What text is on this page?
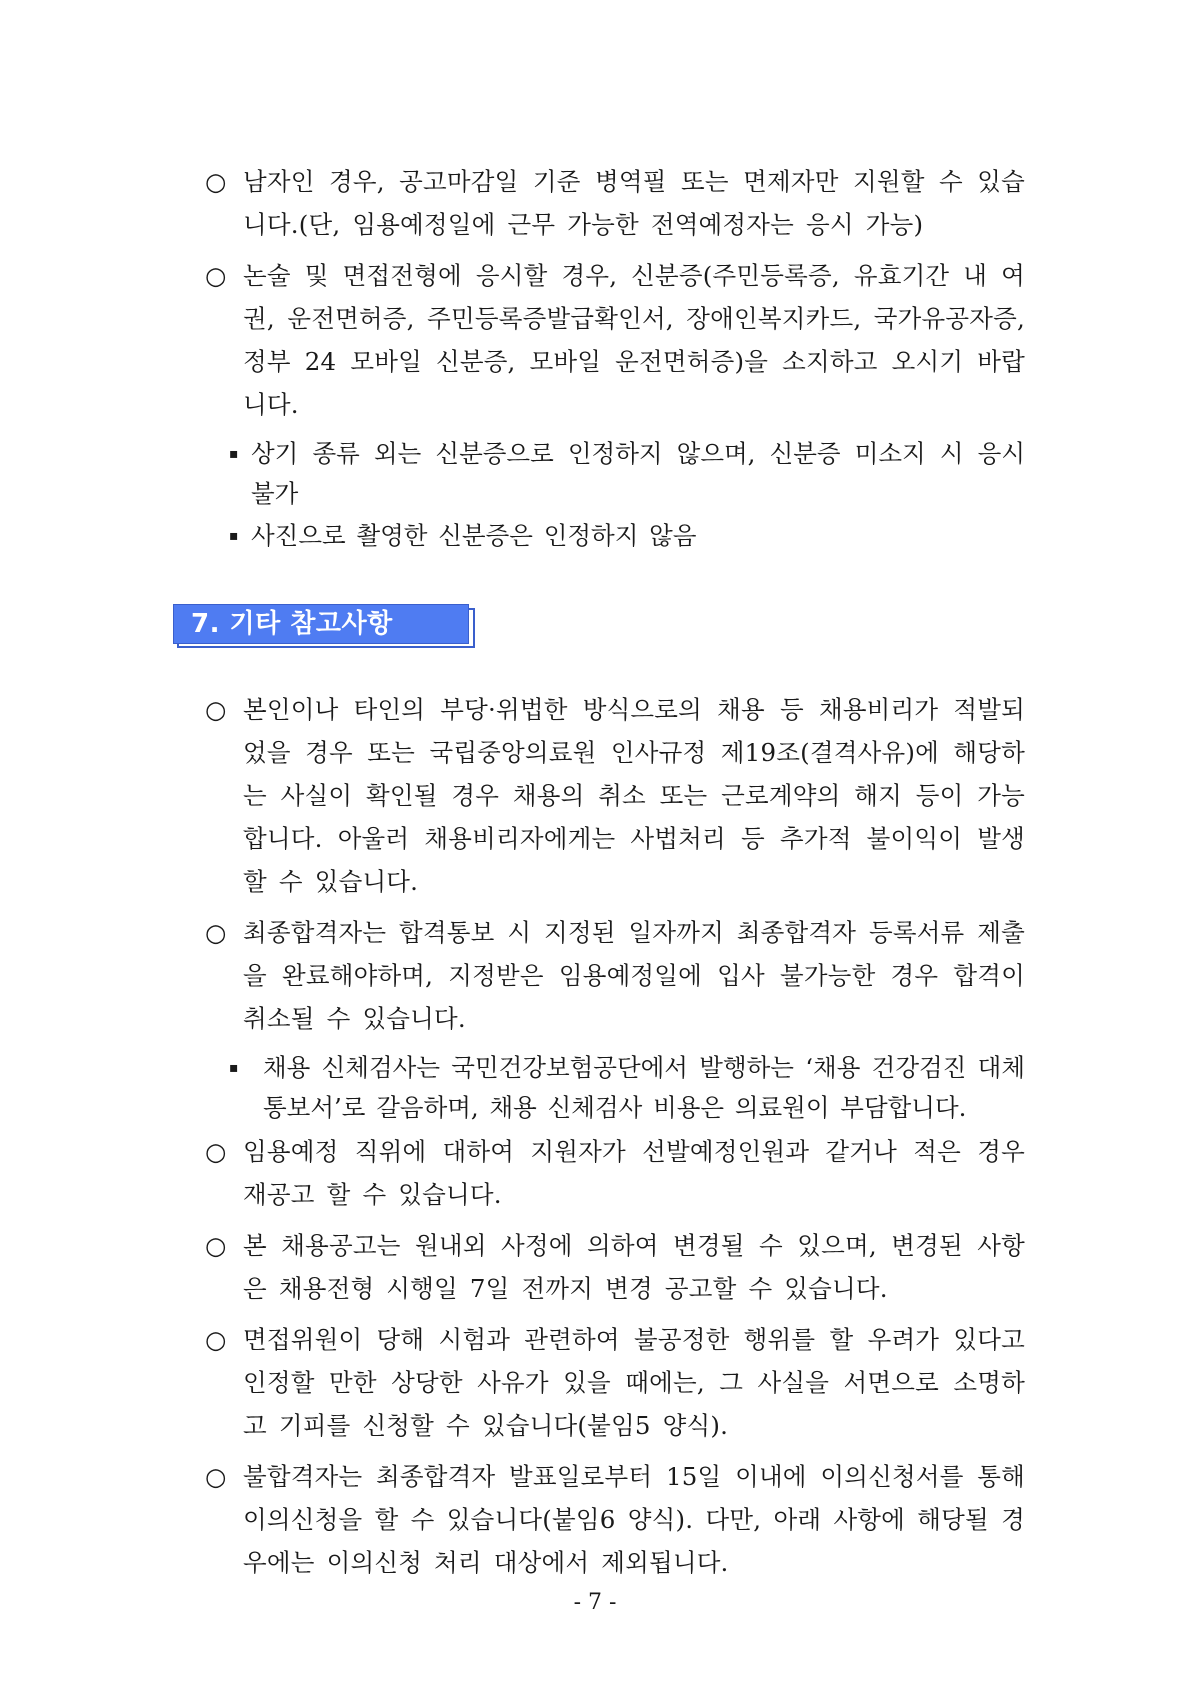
○ 남자인 경우, 공고마감일 기준 병역필 또는 면제자만 지원할 수 있습니다.(단, 임용예정일에 근무 가능한 전역예정자는 응시 가능)
○ 논술 및 면접전형에 응시할 경우, 신분증(주민등록증, 유효기간 내 여권, 운전면허증, 주민등록증발급확인서, 장애인복지카드, 국가유공자증, 정부 24 모바일 신분증, 모바일 운전면허증)을 소지하고 오시기 바랍니다.
▪ 상기 종류 외는 신분증으로 인정하지 않으며, 신분증 미소지 시 응시 불가
▪ 사진으로 촬영한 신분증은 인정하지 않음
7. 기타 참고사항
○ 본인이나 타인의 부당·위법한 방식으로의 채용 등 채용비리가 적발되었을 경우 또는 국립중앙의료원 인사규정 제19조(결격사유)에 해당하는 사실이 확인될 경우 채용의 취소 또는 근로계약의 해지 등이 가능합니다. 아울러 채용비리자에게는 사법처리 등 추가적 불이익이 발생할 수 있습니다.
○ 최종합격자는 합격통보 시 지정된 일자까지 최종합격자 등록서류 제출을 완료해야하며, 지정받은 임용예정일에 입사 불가능한 경우 합격이 취소될 수 있습니다.
▪ 채용 신체검사는 국민건강보험공단에서 발행하는 ‘채용 건강검진 대체 통보서’로 갈음하며, 채용 신체검사 비용은 의료원이 부담합니다.
○ 임용예정 직위에 대하여 지원자가 선발예정인원과 같거나 적은 경우 재공고 할 수 있습니다.
○ 본 채용공고는 원내외 사정에 의하여 변경될 수 있으며, 변경된 사항은 채용전형 시행일 7일 전까지 변경 공고할 수 있습니다.
○ 면접위원이 당해 시험과 관련하여 불공정한 행위를 할 우려가 있다고 인정할 만한 상당한 사유가 있을 때에는, 그 사실을 서면으로 소명하고 기피를 신청할 수 있습니다(붙임5 양식).
○ 불합격자는 최종합격자 발표일로부터 15일 이내에 이의신청서를 통해 이의신청을 할 수 있습니다(붙임6 양식). 다만, 아래 사항에 해당될 경우에는 이의신청 처리 대상에서 제외됩니다.
- 7 -
